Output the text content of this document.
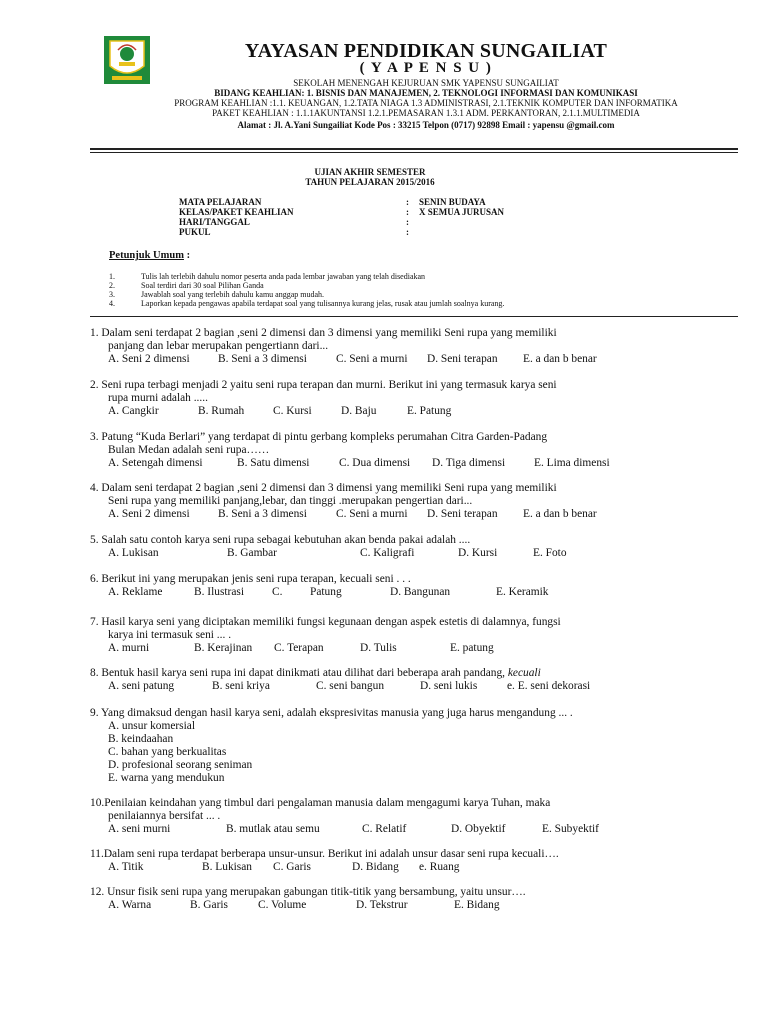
YAYASAN PENDIDIKAN SUNGAILIAT
( Y A P E N S U )
SEKOLAH MENENGAH KEJURUAN SMK YAPENSU SUNGAILIAT
BIDANG KEAHLIAN: 1. BISNIS DAN MANAJEMEN, 2. TEKNOLOGI INFORMASI DAN KOMUNIKASI
PROGRAM KEAHLIAN :1.1. KEUANGAN, 1.2.TATA NIAGA 1.3 ADMINISTRASI, 2.1.TEKNIK KOMPUTER DAN INFORMATIKA
PAKET KEAHLIAN : 1.1.1AKUNTANSI 1.2.1.PEMASARAN 1.3.1 ADM. PERKANTORAN, 2.1.1.MULTIMEDIA
Alamat : Jl. A.Yani Sungailiat Kode Pos : 33215 Telpon (0717) 92898 Email : yapensu @gmail.com
UJIAN AKHIR SEMESTER
TAHUN PELAJARAN 2015/2016
MATA PELAJARAN	: SENIN BUDAYA
KELAS/PAKET KEAHLIAN	: X SEMUA JURUSAN
HARI/TANGGAL	:
PUKUL	:
Petunjuk Umum :
1.	Tulis lah terlebih dahulu nomor peserta anda pada lembar jawaban yang telah disediakan
2.	Soal terdiri dari 30 soal Pilihan Ganda
3.	Jawablah soal yang terlebih dahulu kamu anggap mudah.
4.	Laporkan kepada pengawas apabila terdapat soal yang tulisannya kurang jelas, rusak atau jumlah soalnya kurang.
1. Dalam seni terdapat 2 bagian ,seni 2 dimensi dan 3 dimensi yang memiliki Seni rupa yang memiliki
panjang dan lebar merupakan pengertiann dari...
A. Seni 2 dimensi B. Seni a 3 dimensi	C. Seni a murni D. Seni terapan E. a dan b benar
2. Seni rupa terbagi menjadi 2 yaitu seni rupa terapan dan murni. Berikut ini yang termasuk karya seni
rupa murni adalah .....
A. Cangkir	B. Rumah	C. Kursi	D. Baju	E. Patung
3. Patung “Kuda Berlari” yang terdapat di pintu gerbang kompleks perumahan Citra Garden-Padang
Bulan Medan adalah seni rupa……
A. Setengah dimensi	B. Satu dimensi	C. Dua dimensi D. Tiga dimensi	E. Lima dimensi
4. Dalam seni terdapat 2 bagian ,seni 2 dimensi dan 3 dimensi yang memiliki Seni rupa yang memiliki
Seni rupa yang memiliki panjang,lebar, dan tinggi .merupakan pengertian dari...
A. Seni 2 dimensi B. Seni a 3 dimensi	C. Seni a murni D. Seni terapan E. a dan b benar
5. Salah satu contoh karya seni rupa sebagai kebutuhan akan benda pakai adalah ....
A. Lukisan	B. Gambar	C. Kaligrafi	D. Kursi	E. Foto
6. Berikut ini yang merupakan jenis seni rupa terapan, kecuali seni . . .
A. Reklame	B. Ilustrasi C. Patung	D. Bangunan	E. Keramik
7. Hasil karya seni yang diciptakan memiliki fungsi kegunaan dengan aspek estetis di dalamnya, fungsi
karya ini termasuk seni ... .
A. murni	B. Kerajinan C. Terapan	D. Tulis	E. patung
8. Bentuk hasil karya seni rupa ini dapat dinikmati atau dilihat dari beberapa arah pandang, kecuali
A. seni patung	B. seni kriya	C. seni bangun	D. seni lukis	e. E. seni dekorasi
9. Yang dimaksud dengan hasil karya seni, adalah ekspresivitas manusia yang juga harus mengandung ... .
A. unsur komersial
B. keindaahan
C. bahan yang berkualitas
D. profesional seorang seniman
E. warna yang mendukun
10.Penilaian keindahan yang timbul dari pengalaman manusia dalam mengagumi karya Tuhan, maka
penilaiannya bersifat ... .
A. seni murni	B. mutlak atau semu	C. Relatif	D. Obyektif	E. Subyektif
11.Dalam seni rupa terdapat berberapa unsur-unsur. Berikut ini adalah unsur dasar seni rupa kecuali….
A. Titik	B. Lukisan C. Garis	D. Bidang e. Ruang
12. Unsur fisik seni rupa yang merupakan gabungan titik-titik yang bersambung, yaitu unsur….
A. Warna	B. Garis	C. Volume	D. Tekstrur	E. Bidang
